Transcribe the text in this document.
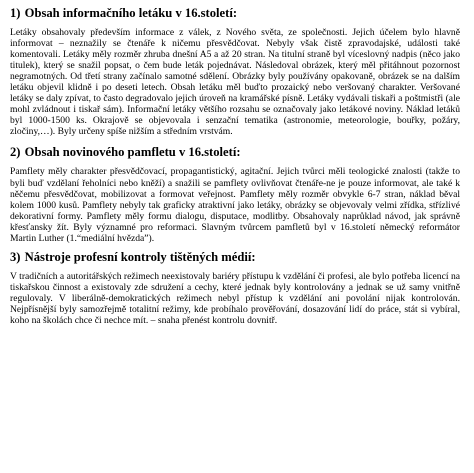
1) Obsah informačního letáku v 16.století:

Letáky obsahovaly především informace z válek, z Nového světa, ze společnosti. Jejich účelem bylo hlavně informovat – neznažily se čtenáře k ničemu přesvědčovat. Nebyly však čistě zpravodajské, události také komentovali. Letáky měly rozměr zhruba dnešní A5 a až 20 stran. Na titulní straně byl víceslovný nadpis (něco jako titulek), který se snažil popsat, o čem bude leták pojednávat. Následoval obrázek, který měl přitáhnout pozornost negramotných. Od třetí strany začínalo samotné sdělení. Obrázky byly používány opakovaně, obrázek se na dalším letáku objevil klidně i po deseti letech. Obsah letáku měl buďto prozaický nebo veršovaný charakter. Veršované letáky se daly zpívat, to často degradovalo jejich úroveň na kramářské písně. Letáky vydávali tiskaři a poštmistři (ale mohl zvládnout i tiskař sám). Informační letáky většího rozsahu se označovaly jako letákové noviny. Náklad letáků byl 1000-1500 ks. Okrajově se objevovala i senzační tematika (astronomie, meteorologie, bouřky, požáry, zločiny,…). Byly určeny spíše nižším a středním vrstvám.

2) Obsah novinového pamfletu v 16.století:

Pamflety měly charakter přesvědčovací, propagantistický, agitační. Jejich tvůrci měli teologické znalosti (takže to byli buď vzdělaní řeholníci nebo kněží) a snažili se pamflety ovlivňovat čtenáře-ne je pouze informovat, ale také k něčemu přesvědčovat, mobilizovat a formovat veřejnost. Pamflety měly rozměr obvykle 6-7 stran, náklad běval kolem 1000 kusů. Pamflety nebyly tak graficky atraktivní jako letáky, obrázky se objevovaly velmi zřídka, střízlivé dekorativní formy. Pamflety měly formu dialogu, disputace, modlitby. Obsahovaly naprůklad návod, jak správně křesťansky žít. Byly významné pro reformaci. Slavným tvůrcem pamfletů byl v 16.století německý reformátor Martin Luther (1.“mediální hvězda”).

3) Nástroje profesní kontroly tištěných médií:

V tradičních a autoritářských režimech neexistovaly bariéry přístupu k vzdělání či profesi, ale bylo potřeba licencí na tiskařskou činnost a existovaly zde sdružení a cechy, které jednak byly kontrolovány a jednak se už samy vnitřně regulovaly. V liberálně-demokratických režimech nebyl přístup k vzdělání ani povolání nijak kontrolován. Nejpřísnější byly samozřejmě totalitní režimy, kde probíhalo prověřování, dosazování lidí do práce, stát si vybíral, koho na školách chce či nechce mít. – snaha přenést kontrolu dovnitř.
